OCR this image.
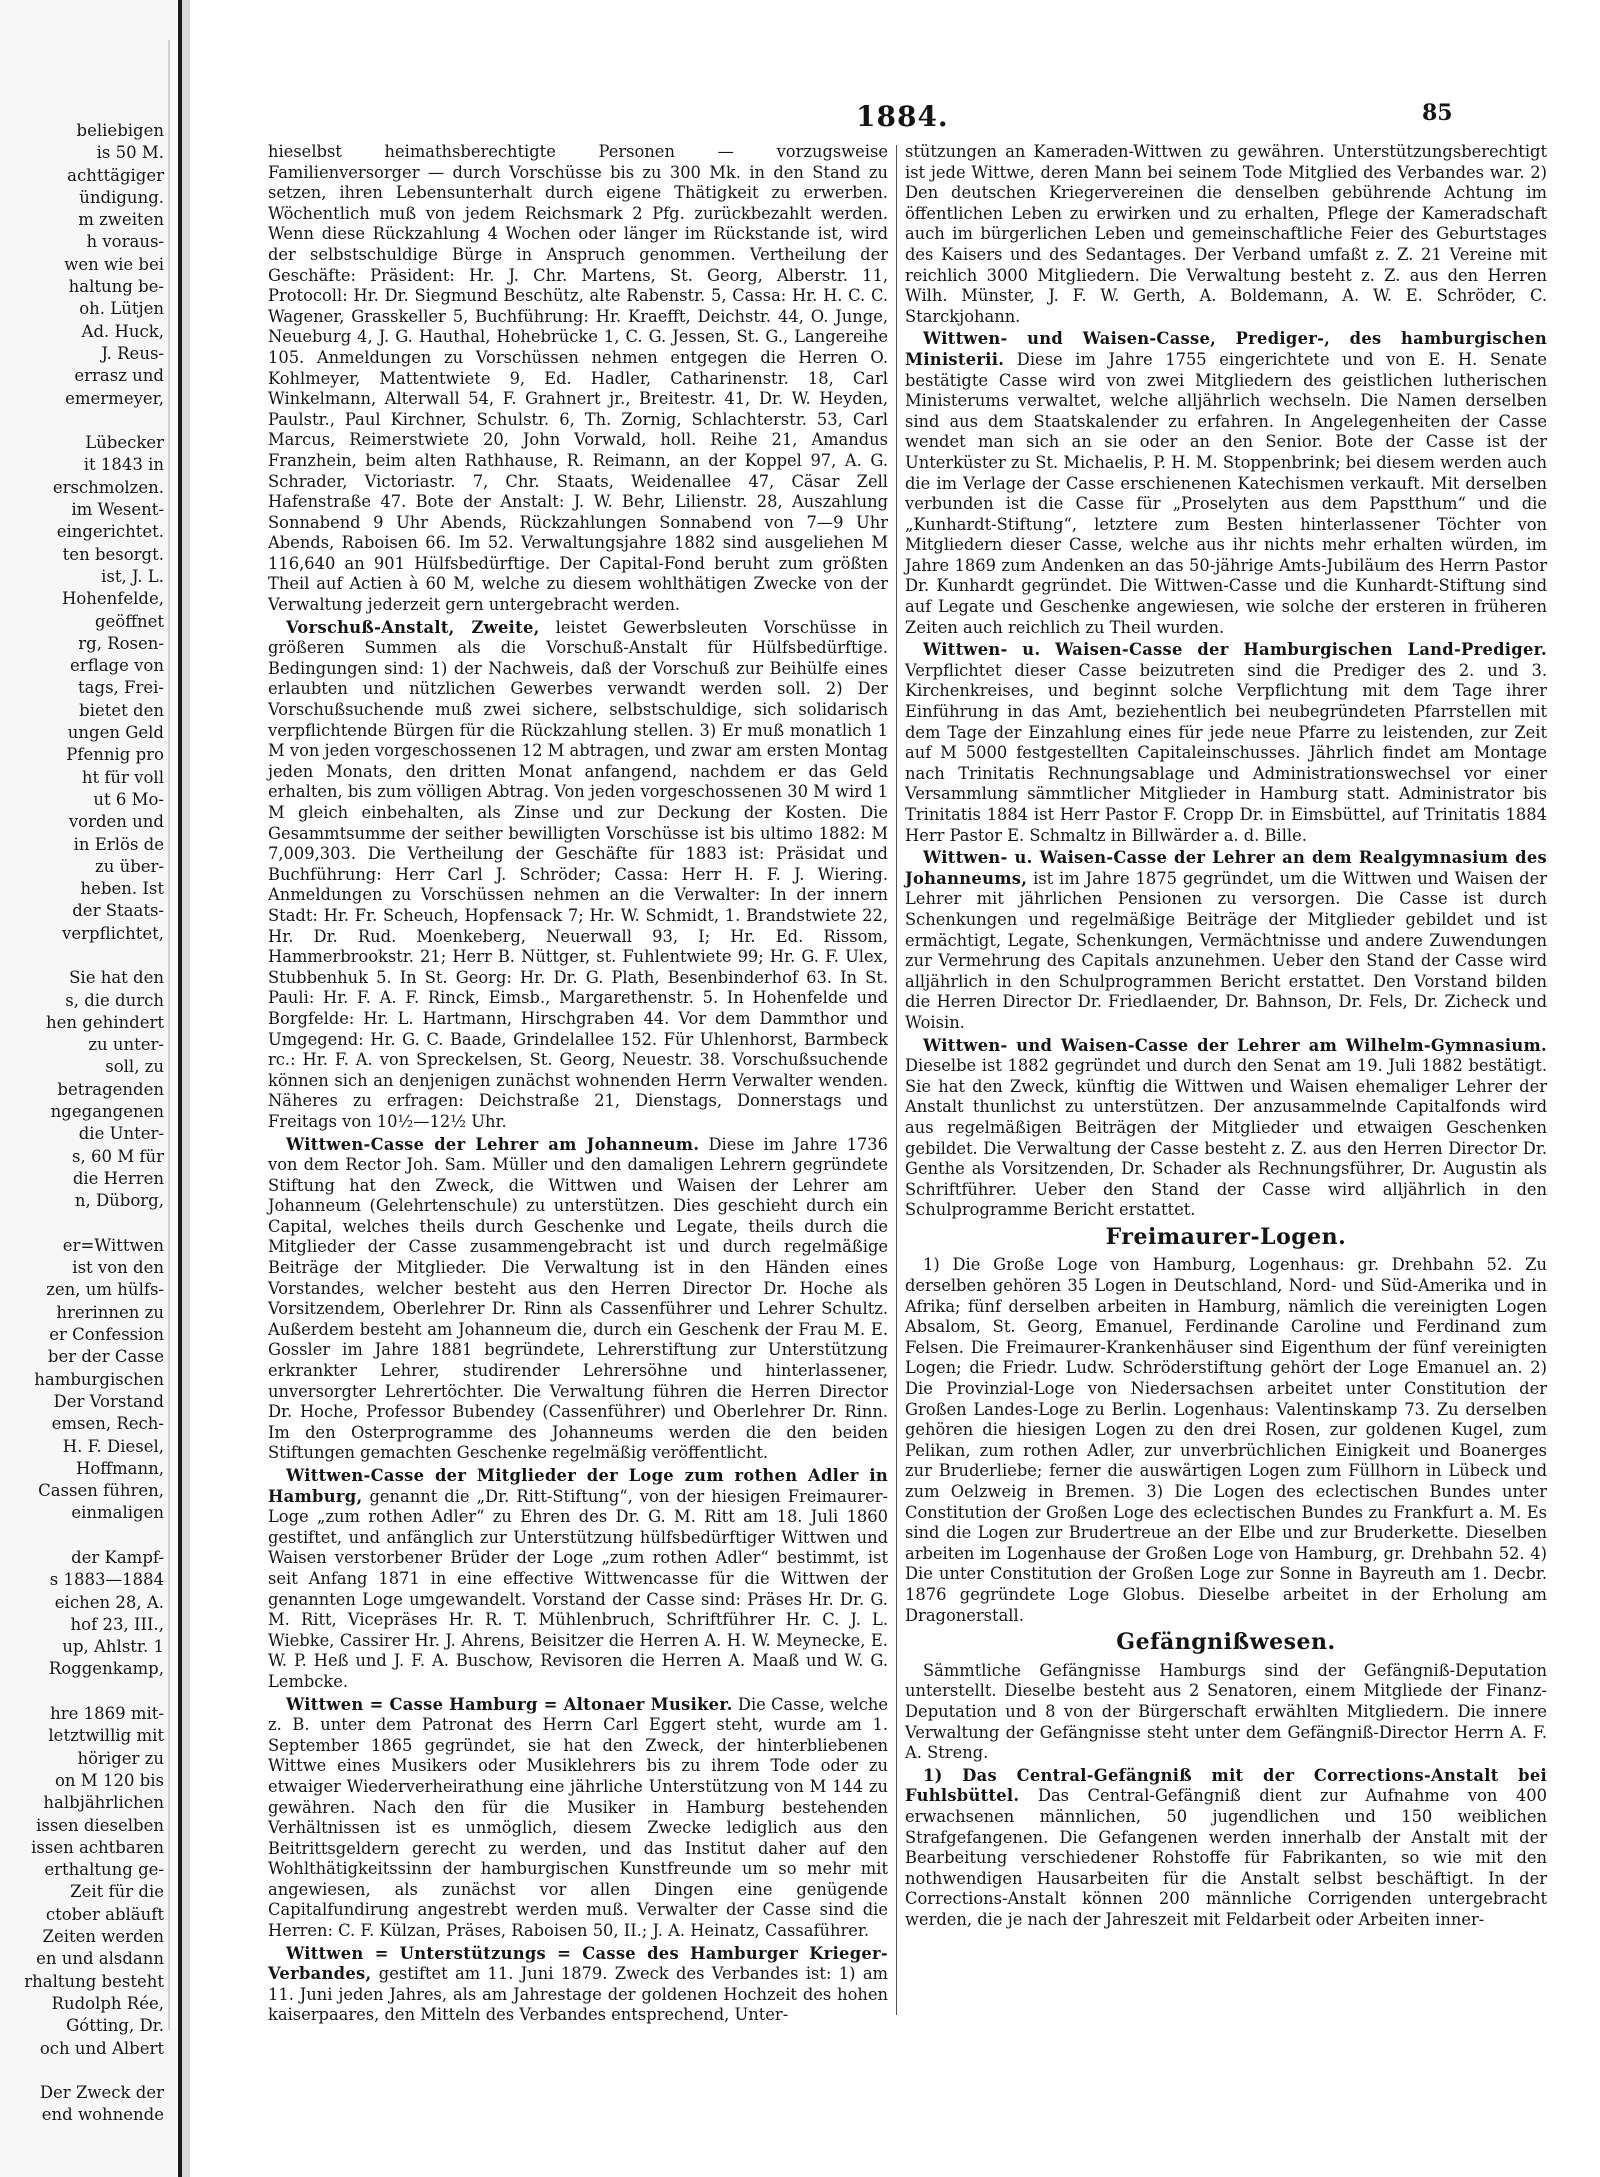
beliebigen
is 50 M.
achttägiger
ündigung.
m zweiten
h voraus-
wen wie bei
haltung be-
oh. Lütjen
Ad. Huck,
J. Reus-
errasz und
emermeyer,

Lübecker
it 1843 in
erschmolzen.
im Wesent-
eingerichtet.
ten besorgt.
ist, J. L.
Hohenfelde,
geöffnet
rg, Rosen-
erflage von
tags, Frei-
bietet den
ungen Geld
Pfennig pro
ht für voll
ut 6 Mo-
vorden und
in Erlös de
zu über-
heben. Ist
der Staats-
verpflichtet,

Sie hat den
s, die durch
hen gehindert
zu unter-
soll, zu
betragenden
ngegangenen
die Unter-
s, 60 M für
die Herren
n, Düborg,

er=Wittwen
ist von den
zen, um hülfs-
hrerinnen zu
er Confession
ber der Casse
hamburgischen
Der Vorstand
emsen, Rech-
H. F. Diesel,
Hoffmann,
Cassen führen,
einmaligen

der Kampf-
s 1883—1884
eichen 28, A.
hof 23, III.,
up, Ahlstr. 1
Roggenkamp,

hre 1869 mit-
letztwillig mit
höriger zu
on M 120 bis
halbjährlichen
issen dieselben
issen achtbaren
erthaltung ge-
Zeit für die
ctober abläuft
Zeiten werden
en und alsdann
rhaltung besteht
Rudolph Rée,
Gótting, Dr.
och und Albert

Der Zweck der
end wohnende
1884.	85

hieselbst heimathsberechtigte Personen — vorzugsweise Familienversorger — durch Vorschüsse bis zu 300 Mk. in den Stand zu setzen, ihren Lebensunterhalt durch eigene Thätigkeit zu erwerben. Wöchentlich muß von jedem Reichsmark 2 Pfg. zurückbezahlt werden. Wenn diese Rückzahlung 4 Wochen oder länger im Rückstande ist, wird der selbstschuldige Bürge in Anspruch genommen. Vertheilung der Geschäfte: Präsident: Hr. J. Chr. Martens, St. Georg, Alberstr. 11, Protocoll: Hr. Dr. Siegmund Beschütz, alte Rabenstr. 5, Cassa: Hr. H. C. C. Wagener, Grasskeller 5, Buchführung: Hr. Kraefft, Deichstr. 44, O. Junge, Neueburg 4, J. G. Hauthal, Hohebrücke 1, C. G. Jessen, St. G., Langereihe 105. Anmeldungen zu Vorschüssen nehmen entgegen die Herren O. Kohlmeyer, Mattentwiete 9, Ed. Hadler, Catharinenstr. 18, Carl Winkelmann, Alterwall 54, F. Grahnert jr., Breitestr. 41, Dr. W. Heyden, Paulstr., Paul Kirchner, Schulstr. 6, Th. Zornig, Schlachterstr. 53, Carl Marcus, Reimerstwiete 20, John Vorwald, holl. Reihe 21, Amandus Franzhein, beim alten Rathhause, R. Reimann, an der Koppel 97, A. G. Schrader, Victoriastr. 7, Chr. Staats, Weidenallee 47, Cäsar Zell Hafenstraße 47. Bote der Anstalt: J. W. Behr, Lilienstr. 28, Auszahlung Sonnabend 9 Uhr Abends, Rückzahlungen Sonnabend von 7—9 Uhr Abends, Raboisen 66. Im 52. Verwaltungsjahre 1882 sind ausgeliehen M 116,640 an 901 Hülfsbedürftige. Der Capital-Fond beruht zum größten Theil auf Actien à 60 M, welche zu diesem wohlthätigen Zwecke von der Verwaltung jederzeit gern untergebracht werden.

Vorschuß-Anstalt, Zweite, leistet Gewerbsleuten Vorschüsse in größeren Summen als die Vorschuß-Anstalt für Hülfsbedürftige. Bedingungen sind: 1) der Nachweis, daß der Vorschuß zur Beihülfe eines erlaubten und nützlichen Gewerbes verwandt werden soll. 2) Der Vorschußsuchende muß zwei sichere, selbstschuldige, sich solidarisch verpflichtende Bürgen für die Rückzahlung stellen. 3) Er muß monatlich 1 M von jeden vorgeschossenen 12 M abtragen, und zwar am ersten Montag jeden Monats, den dritten Monat anfangend, nachdem er das Geld erhalten, bis zum völligen Abtrag. Von jeden vorgeschossenen 30 M wird 1 M gleich einbehalten, als Zinse und zur Deckung der Kosten. Die Gesammtsumme der seither bewilligten Vorschüsse ist bis ultimo 1882: M 7,009,303. Die Vertheilung der Geschäfte für 1883 ist: Präsidat und Buchführung: Herr Carl J. Schröder; Cassa: Herr H. F. J. Wiering. Anmeldungen zu Vorschüssen nehmen an die Verwalter: In der innern Stadt: Hr. Fr. Scheuch, Hopfensack 7; Hr. W. Schmidt, 1. Brandstwiete 22, Hr. Dr. Rud. Moenkeberg, Neuerwall 93, I; Hr. Ed. Rissom, Hammerbrookstr. 21; Herr B. Nüttger, st. Fuhlentwiete 99; Hr. G. F. Ulex, Stubbenhuk 5. In St. Georg: Hr. Dr. G. Plath, Besenbinderhof 63. In St. Pauli: Hr. F. A. F. Rinck, Eimsb., Margarethenstr. 5. In Hohenfelde und Borgfelde: Hr. L. Hartmann, Hirschgraben 44. Vor dem Dammthor und Umgegend: Hr. G. C. Baade, Grindelallee 152. Für Uhlenhorst, Barmbeck rc.: Hr. F. A. von Spreckelsen, St. Georg, Neuestr. 38. Vorschußsuchende können sich an denjenigen zunächst wohnenden Herrn Verwalter wenden. Näheres zu erfragen: Deichstraße 21, Dienstags, Donnerstags und Freitags von 10½—12½ Uhr.

Wittwen-Casse der Lehrer am Johanneum. Diese im Jahre 1736 von dem Rector Joh. Sam. Müller und den damaligen Lehrern gegründete Stiftung hat den Zweck, die Wittwen und Waisen der Lehrer am Johanneum (Gelehrtenschule) zu unterstützen. Dies geschieht durch ein Capital, welches theils durch Geschenke und Legate, theils durch die Mitglieder der Casse zusammengebracht ist und durch regelmäßige Beiträge der Mitglieder. Die Verwaltung ist in den Händen eines Vorstandes, welcher besteht aus den Herren Director Dr. Hoche als Vorsitzendem, Oberlehrer Dr. Rinn als Cassenführer und Lehrer Schultz. Außerdem besteht am Johanneum die, durch ein Geschenk der Frau M. E. Gossler im Jahre 1881 begründete, Lehrerstiftung zur Unterstützung erkrankter Lehrer, studirender Lehrersöhne und hinterlassener, unversorgter Lehrertöchter. Die Verwaltung führen die Herren Director Dr. Hoche, Professor Bubendey (Cassenführer) und Oberlehrer Dr. Rinn. Im den Osterprogramme des Johanneums werden die den beiden Stiftungen gemachten Geschenke regelmäßig veröffentlicht.

Wittwen-Casse der Mitglieder der Loge zum rothen Adler in Hamburg, genannt die „Dr. Ritt-Stiftung“, von der hiesigen Freimaurer-Loge „zum rothen Adler“ zu Ehren des Dr. G. M. Ritt am 18. Juli 1860 gestiftet, und anfänglich zur Unterstützung hülfsbedürftiger Wittwen und Waisen verstorbener Brüder der Loge „zum rothen Adler“ bestimmt, ist seit Anfang 1871 in eine effective Wittwencasse für die Wittwen der genannten Loge umgewandelt. Vorstand der Casse sind: Präses Hr. Dr. G. M. Ritt, Vicepräses Hr. R. T. Mühlenbruch, Schriftführer Hr. C. J. L. Wiebke, Cassirer Hr. J. Ahrens, Beisitzer die Herren A. H. W. Meynecke, E. W. P. Heß und J. F. A. Buschow, Revisoren die Herren A. Maaß und W. G. Lembcke.

Wittwen = Casse Hamburg = Altonaer Musiker. Die Casse, welche z. B. unter dem Patronat des Herrn Carl Eggert steht, wurde am 1. September 1865 gegründet, sie hat den Zweck, der hinterbliebenen Wittwe eines Musikers oder Musiklehrers bis zu ihrem Tode oder zu etwaiger Wiederverheirathung eine jährliche Unterstützung von M 144 zu gewähren. Nach den für die Musiker in Hamburg bestehenden Verhältnissen ist es unmöglich, diesem Zwecke lediglich aus den Beitrittsgeldern gerecht zu werden, und das Institut daher auf den Wohlthätigkeitssinn der hamburgischen Kunstfreunde um so mehr mit angewiesen, als zunächst vor allen Dingen eine genügende Capitalfundirung angestrebt werden muß. Verwalter der Casse sind die Herren: C. F. Külzan, Präses, Raboisen 50, II.; J. A. Heinatz, Cassaführer.

Wittwen = Unterstützungs = Casse des Hamburger Krieger-Verbandes, gestiftet am 11. Juni 1879. Zweck des Verbandes ist: 1) am 11. Juni jeden Jahres, als am Jahrestage der goldenen Hochzeit des hohen kaiserpaares, den Mitteln des Verbandes entsprechend, Unter-

stützungen an Kameraden-Wittwen zu gewähren. Unterstützungsberechtigt ist jede Wittwe, deren Mann bei seinem Tode Mitglied des Verbandes war. 2) Den deutschen Kriegervereinen die denselben gebührende Achtung im öffentlichen Leben zu erwirken und zu erhalten, Pflege der Kameradschaft auch im bürgerlichen Leben und gemeinschaftliche Feier des Geburtstages des Kaisers und des Sedantages. Der Verband umfaßt z. Z. 21 Vereine mit reichlich 3000 Mitgliedern. Die Verwaltung besteht z. Z. aus den Herren Wilh. Münster, J. F. W. Gerth, A. Boldemann, A. W. E. Schröder, C. Starckjohann.

Wittwen- und Waisen-Casse, Prediger-, des hamburgischen Ministerii. Diese im Jahre 1755 eingerichtete und von E. H. Senate bestätigte Casse wird von zwei Mitgliedern des geistlichen lutherischen Ministerums verwaltet, welche alljährlich wechseln. Die Namen derselben sind aus dem Staatskalender zu erfahren. In Angelegenheiten der Casse wendet man sich an sie oder an den Senior. Bote der Casse ist der Unterküster zu St. Michaelis, P. H. M. Stoppenbrink; bei diesem werden auch die im Verlage der Casse erschienenen Katechismen verkauft. Mit derselben verbunden ist die Casse für „Proselyten aus dem Papstthum“ und die „Kunhardt-Stiftung“, letztere zum Besten hinterlassener Töchter von Mitgliedern dieser Casse, welche aus ihr nichts mehr erhalten würden, im Jahre 1869 zum Andenken an das 50-jährige Amts-Jubiläum des Herrn Pastor Dr. Kunhardt gegründet. Die Wittwen-Casse und die Kunhardt-Stiftung sind auf Legate und Geschenke angewiesen, wie solche der ersteren in früheren Zeiten auch reichlich zu Theil wurden.

Wittwen- u. Waisen-Casse der Hamburgischen Land-Prediger. Verpflichtet dieser Casse beizutreten sind die Prediger des 2. und 3. Kirchenkreises, und beginnt solche Verpflichtung mit dem Tage ihrer Einführung in das Amt, beziehentlich bei neubegründeten Pfarrstellen mit dem Tage der Einzahlung eines für jede neue Pfarre zu leistenden, zur Zeit auf M 5000 festgestellten Capitaleinschusses. Jährlich findet am Montage nach Trinitatis Rechnungsablage und Administrationswechsel vor einer Versammlung sämmtlicher Mitglieder in Hamburg statt. Administrator bis Trinitatis 1884 ist Herr Pastor F. Cropp Dr. in Eimsbüttel, auf Trinitatis 1884 Herr Pastor E. Schmaltz in Billwärder a. d. Bille.

Wittwen- u. Waisen-Casse der Lehrer an dem Realgymnasium des Johanneums, ist im Jahre 1875 gegründet, um die Wittwen und Waisen der Lehrer mit jährlichen Pensionen zu versorgen. Die Casse ist durch Schenkungen und regelmäßige Beiträge der Mitglieder gebildet und ist ermächtigt, Legate, Schenkungen, Vermächtnisse und andere Zuwendungen zur Vermehrung des Capitals anzunehmen. Ueber den Stand der Casse wird alljährlich in den Schulprogrammen Bericht erstattet. Den Vorstand bilden die Herren Director Dr. Friedlaender, Dr. Bahnson, Dr. Fels, Dr. Zicheck und Woisin.

Wittwen- und Waisen-Casse der Lehrer am Wilhelm-Gymnasium. Dieselbe ist 1882 gegründet und durch den Senat am 19. Juli 1882 bestätigt. Sie hat den Zweck, künftig die Wittwen und Waisen ehemaliger Lehrer der Anstalt thunlichst zu unterstützen. Der anzusammelnde Capitalfonds wird aus regelmäßigen Beiträgen der Mitglieder und etwaigen Geschenken gebildet. Die Verwaltung der Casse besteht z. Z. aus den Herren Director Dr. Genthe als Vorsitzenden, Dr. Schader als Rechnungsführer, Dr. Augustin als Schriftführer. Ueber den Stand der Casse wird alljährlich in den Schulprogramme Bericht erstattet.

Freimaurer-Logen.

1) Die Große Loge von Hamburg, Logenhaus: gr. Drehbahn 52. Zu derselben gehören 35 Logen in Deutschland, Nord- und Süd-Amerika und in Afrika; fünf derselben arbeiten in Hamburg, nämlich die vereinigten Logen Absalom, St. Georg, Emanuel, Ferdinande Caroline und Ferdinand zum Felsen. Die Freimaurer-Krankenhäuser sind Eigenthum der fünf vereinigten Logen; die Friedr. Ludw. Schröderstiftung gehört der Loge Emanuel an. 2) Die Provinzial-Loge von Niedersachsen arbeitet unter Constitution der Großen Landes-Loge zu Berlin. Logenhaus: Valentinskamp 73. Zu derselben gehören die hiesigen Logen zu den drei Rosen, zur goldenen Kugel, zum Pelikan, zum rothen Adler, zur unverbrüchlichen Einigkeit und Boanerges zur Bruderliebe; ferner die auswärtigen Logen zum Füllhorn in Lübeck und zum Oelzweig in Bremen. 3) Die Logen des eclectischen Bundes unter Constitution der Großen Loge des eclectischen Bundes zu Frankfurt a. M. Es sind die Logen zur Brudertreue an der Elbe und zur Bruderkette. Dieselben arbeiten im Logenhause der Großen Loge von Hamburg, gr. Drehbahn 52. 4) Die unter Constitution der Großen Loge zur Sonne in Bayreuth am 1. Decbr. 1876 gegründete Loge Globus. Dieselbe arbeitet in der Erholung am Dragonerstall.

Gefängnißwesen.

Sämmtliche Gefängnisse Hamburgs sind der Gefängniß-Deputation unterstellt. Dieselbe besteht aus 2 Senatoren, einem Mitgliede der Finanz-Deputation und 8 von der Bürgerschaft erwählten Mitgliedern. Die innere Verwaltung der Gefängnisse steht unter dem Gefängniß-Director Herrn A. F. A. Streng.

1) Das Central-Gefängniß mit der Corrections-Anstalt bei Fuhlsbüttel. Das Central-Gefängniß dient zur Aufnahme von 400 erwachsenen männlichen, 50 jugendlichen und 150 weiblichen Strafgefangenen. Die Gefangenen werden innerhalb der Anstalt mit der Bearbeitung verschiedener Rohstoffe für Fabrikanten, so wie mit den nothwendigen Hausarbeiten für die Anstalt selbst beschäftigt. In der Corrections-Anstalt können 200 männliche Corrigenden untergebracht werden, die je nach der Jahreszeit mit Feldarbeit oder Arbeiten inner-
